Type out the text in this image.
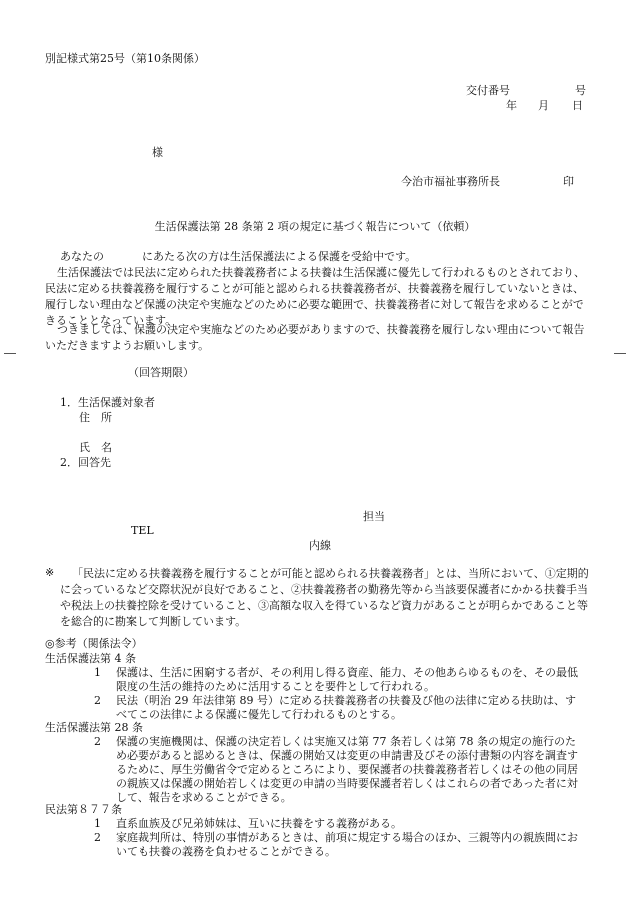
別記様式第25号（第10条関係）
交付番号	号
年 月 日
様
今治市福祉事務所長	印
生活保護法第 28 条第 2 項の規定に基づく報告について（依頼）
あなたの	にあたる次の方は生活保護法による保護を受給中です。

生活保護法では民法に定められた扶養義務者による扶養は生活保護に優先して行われるものとされており、民法に定める扶養義務を履行することが可能と認められる扶養義務者が、扶養義務を履行していないときは、履行しない理由など保護の決定や実施などのために必要な範囲で、扶養義務者に対して報告を求めることができることとなっています。

つきましては、保護の決定や実施などのため必要がありますので、扶養義務を履行しない理由について報告いただきますようお願いします。

（回答期限）
1．生活保護対象者
住　所
氏　名
2．回答先
担当
TEL
内線
※	「民法に定める扶養義務を履行することが可能と認められる扶養義務者」とは、当所において、①定期的に会っているなど交際状況が良好であること、②扶養義務者の勤務先等から当該要保護者にかかる扶養手当や税法上の扶養控除を受けていること、③高額な収入を得ているなど資力があることが明らかであること等を総合的に勘案して判断しています。

◎参考（関係法令）
生活保護法第 4 条
1 保護は、生活に困窮する者が、その利用し得る資産、能力、その他あらゆるものを、その最低限度の生活の維持のために活用することを要件として行われる。

2 民法（明治 29 年法律第 89 号）に定める扶養義務者の扶養及び他の法律に定める扶助は、すべてこの法律による保護に優先して行われるものとする。

生活保護法第 28 条
2 保護の実施機関は、保護の決定若しくは実施又は第 77 条若しくは第 78 条の規定の施行のため必要があると認めるときは、保護の開始又は変更の申請書及びその添付書類の内容を調査するために、厚生労働省令で定めるところにより、要保護者の扶養義務者若しくはその他の同居の親族又は保護の開始若しくは変更の申請の当時要保護者若しくはこれらの者であった者に対して、報告を求めることができる。

民法第８７７条
1 直系血族及び兄弟姉妹は、互いに扶養をする義務がある。

2 家庭裁判所は、特別の事情があるときは、前項に規定する場合のほか、三親等内の親族間においても扶養の義務を負わせることができる。
